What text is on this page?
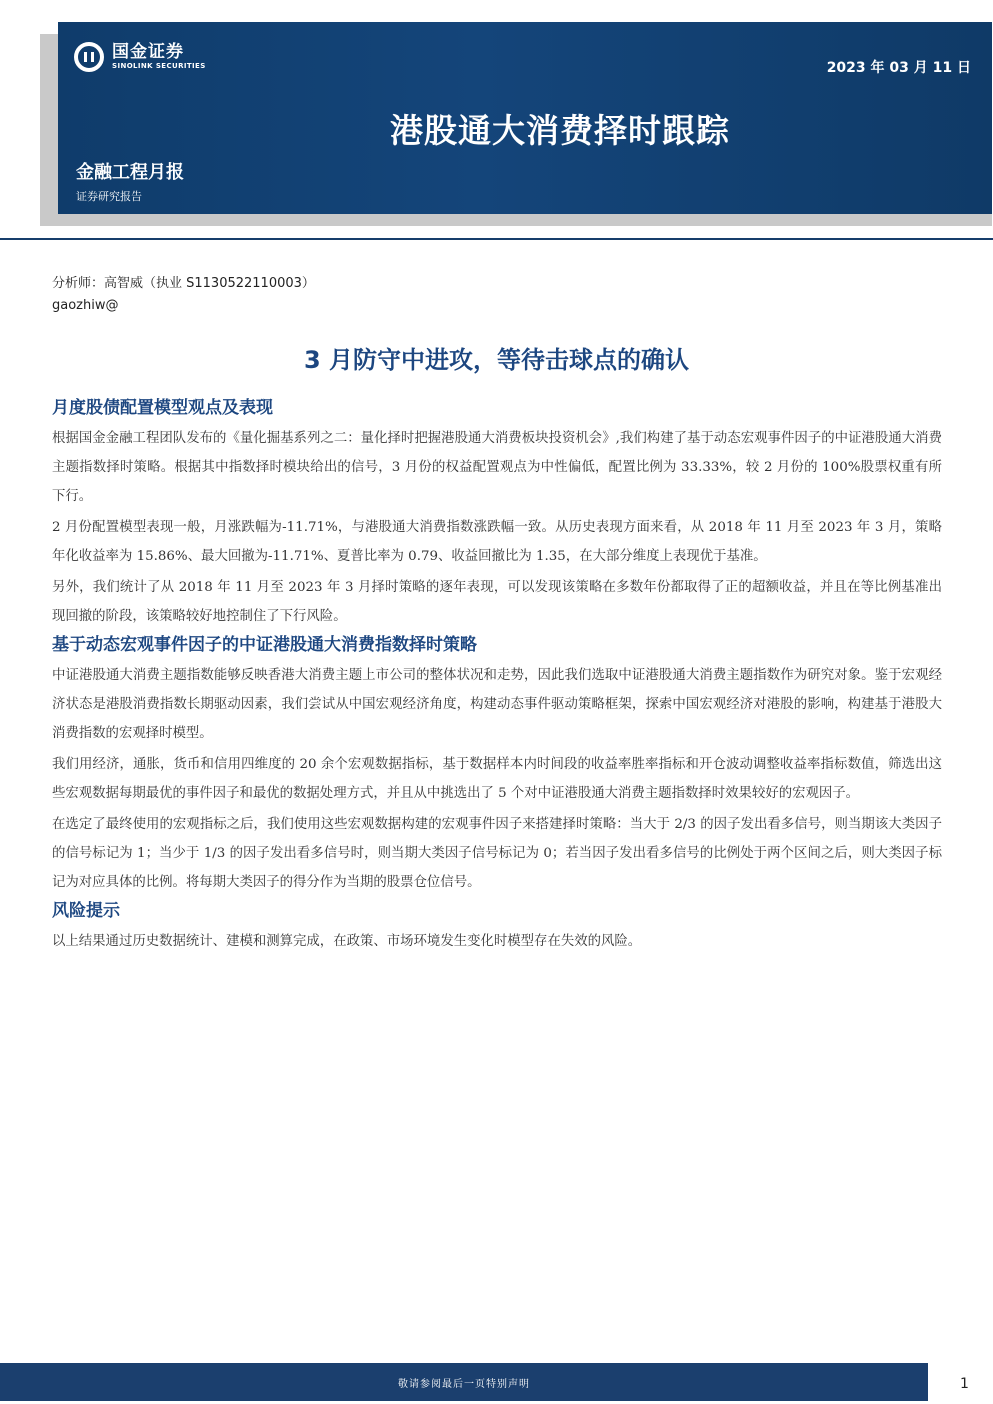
国金证券
SINOLINK SECURITIES	2023 年 03 月 11 日
港股通大消费择时跟踪
金融工程月报
证券研究报告
分析师：高智威（执业 S1130522110003）
gaozhiw@
3 月防守中进攻，等待击球点的确认
月度股债配置模型观点及表现

根据国金金融工程团队发布的《量化掘基系列之二：量化择时把握港股通大消费板块投资机会》,我们构建了基于动态宏观事件因子的中证港股通大消费主题指数择时策略。根据其中指数择时模块给出的信号，3 月份的权益配置观点为中性偏低，配置比例为 33.33%，较 2 月份的 100%股票权重有所下行。

2 月份配置模型表现一般，月涨跌幅为-11.71%，与港股通大消费指数涨跌幅一致。从历史表现方面来看，从 2018 年 11 月至 2023 年 3 月，策略年化收益率为 15.86%、最大回撤为-11.71%、夏普比率为 0.79、收益回撤比为 1.35，在大部分维度上表现优于基准。

另外，我们统计了从 2018 年 11 月至 2023 年 3 月择时策略的逐年表现，可以发现该策略在多数年份都取得了正的超额收益，并且在等比例基准出现回撤的阶段，该策略较好地控制住了下行风险。

基于动态宏观事件因子的中证港股通大消费指数择时策略

中证港股通大消费主题指数能够反映香港大消费主题上市公司的整体状况和走势，因此我们选取中证港股通大消费主题指数作为研究对象。鉴于宏观经济状态是港股消费指数长期驱动因素，我们尝试从中国宏观经济角度，构建动态事件驱动策略框架，探索中国宏观经济对港股的影响，构建基于港股大消费指数的宏观择时模型。

我们用经济，通胀，货币和信用四维度的 20 余个宏观数据指标，基于数据样本内时间段的收益率胜率指标和开仓波动调整收益率指标数值，筛选出这些宏观数据每期最优的事件因子和最优的数据处理方式，并且从中挑选出了 5 个对中证港股通大消费主题指数择时效果较好的宏观因子。

在选定了最终使用的宏观指标之后，我们使用这些宏观数据构建的宏观事件因子来搭建择时策略：当大于 2/3 的因子发出看多信号，则当期该大类因子的信号标记为 1；当少于 1/3 的因子发出看多信号时，则当期大类因子信号标记为 0；若当因子发出看多信号的比例处于两个区间之后，则大类因子标记为对应具体的比例。将每期大类因子的得分作为当期的股票仓位信号。

风险提示

以上结果通过历史数据统计、建模和测算完成，在政策、市场环境发生变化时模型存在失效的风险。

敬请参阅最后一页特别声明	1
